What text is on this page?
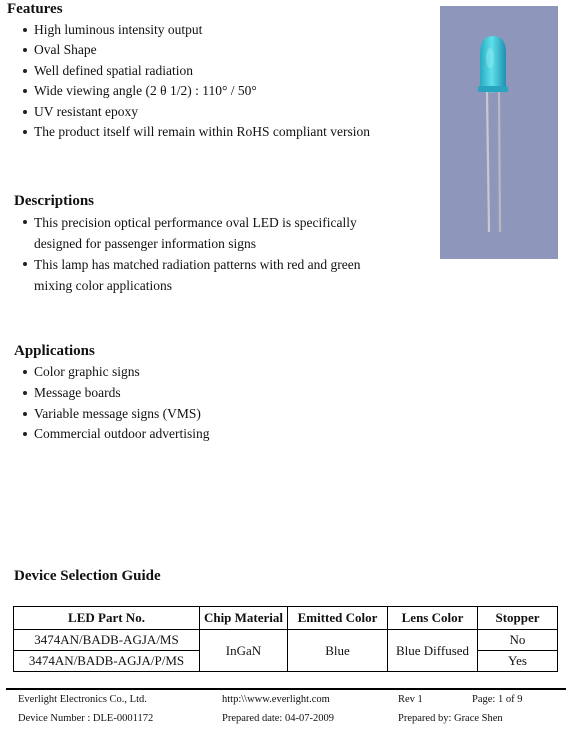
Features
High luminous intensity output
Oval Shape
Well defined spatial radiation
Wide viewing angle (2 θ 1/2) : 110° / 50°
UV resistant epoxy
The product itself will remain within RoHS compliant version
Descriptions
This precision optical performance oval LED is specifically designed for passenger information signs
This lamp has matched radiation patterns with red and green mixing color applications
Applications
Color graphic signs
Message boards
Variable message signs (VMS)
Commercial outdoor advertising
Device Selection Guide
LED Part No.	Chip Material	Emitted Color	Lens Color	Stopper
3474AN/BADB-AGJA/MS	InGaN	Blue	Blue Diffused	No
3474AN/BADB-AGJA/P/MS				Yes
Everlight Electronics Co., Ltd.	http:\\www.everlight.com	Rev 1	Page: 1 of 9
Device Number : DLE-0001172	Prepared date: 04-07-2009	Prepared by: Grace Shen
